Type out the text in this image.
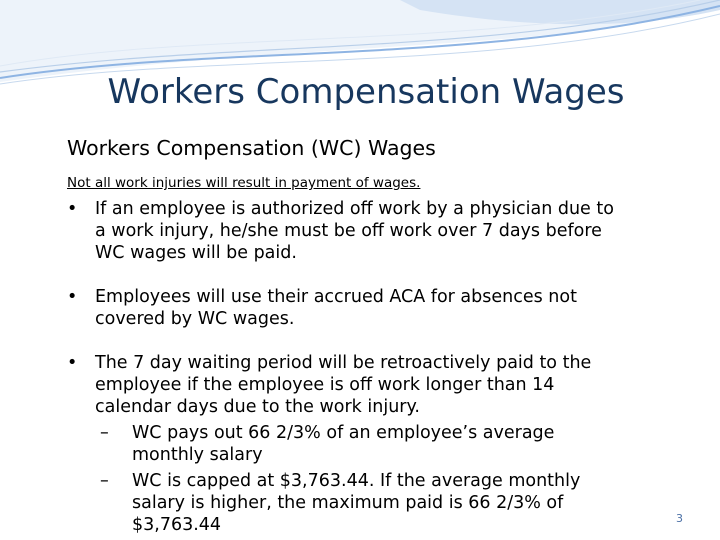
Workers Compensation Wages
Workers Compensation (WC) Wages
Not all work injuries will result in payment of wages.
•	If an employee is authorized off work by a physician due to
a work injury, he/she must be off work over 7 days before
WC wages will be paid.
•	Employees will use their accrued ACA for absences not
covered by WC wages.
•	The 7 day waiting period will be retroactively paid to the
employee if the employee is off work longer than 14
calendar days due to the work injury.
– WC pays out 66 2/3% of an employee’s average
monthly salary
– WC is capped at $3,763.44. If the average monthly
salary is higher, the maximum paid is 66 2/3% of
$3,763.44	3
